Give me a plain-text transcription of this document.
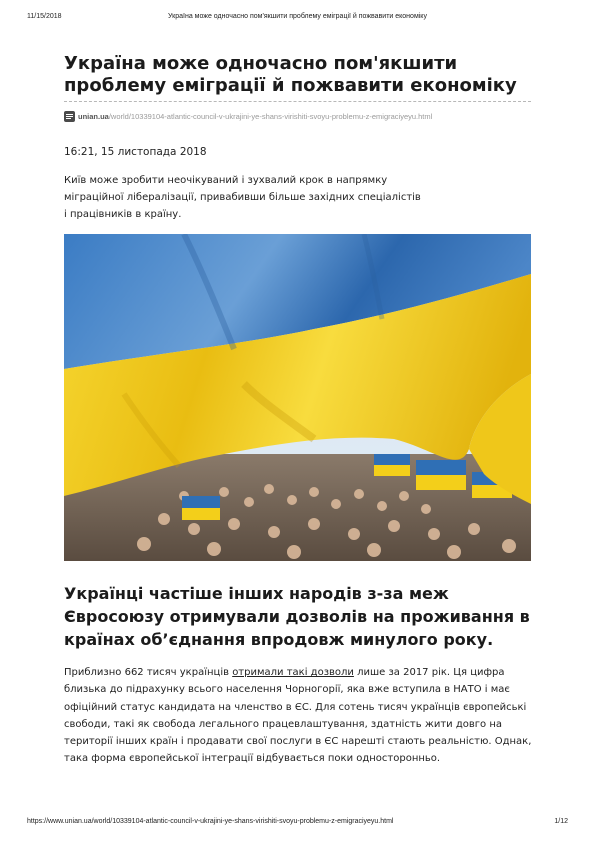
11/15/2018	Україна може одночасно пом'якшити проблему еміграції й пожвавити економіку
Україна може одночасно пом'якшити проблему еміграції й пожвавити економіку
unian.ua /world/10339104-atlantic-council-v-ukrajini-ye-shans-virishiti-svoyu-problemu-z-emigraciyeyu.html
16:21, 15 листопада 2018
Київ може зробити неочікуваний і зухвалий крок в напрямку міграційної лібералізації, привабивши більше західних спеціалістів і працівників в країну.
Українці частіше інших народів з-за меж Євросоюзу отримували дозволів на проживання в країнах об’єднання впродовж минулого року.

Приблизно 662 тисяч українців отримали такі дозволи лише за 2017 рік. Ця цифра близька до підрахунку всього населення Чорногорії, яка вже вступила в НАТО і має офіційний статус кандидата на членство в ЄС. Для сотень тисяч українців європейські свободи, такі як свобода легального працевлаштування, здатність жити довго на території інших країн і продавати свої послуги в ЄС нарешті стають реальністю. Однак, така форма європейської інтеграції відбувається поки односторонньо.

https://www.unian.ua/world/10339104-atlantic-council-v-ukrajini-ye-shans-virishiti-svoyu-problemu-z-emigraciyeyu.html	1/12
